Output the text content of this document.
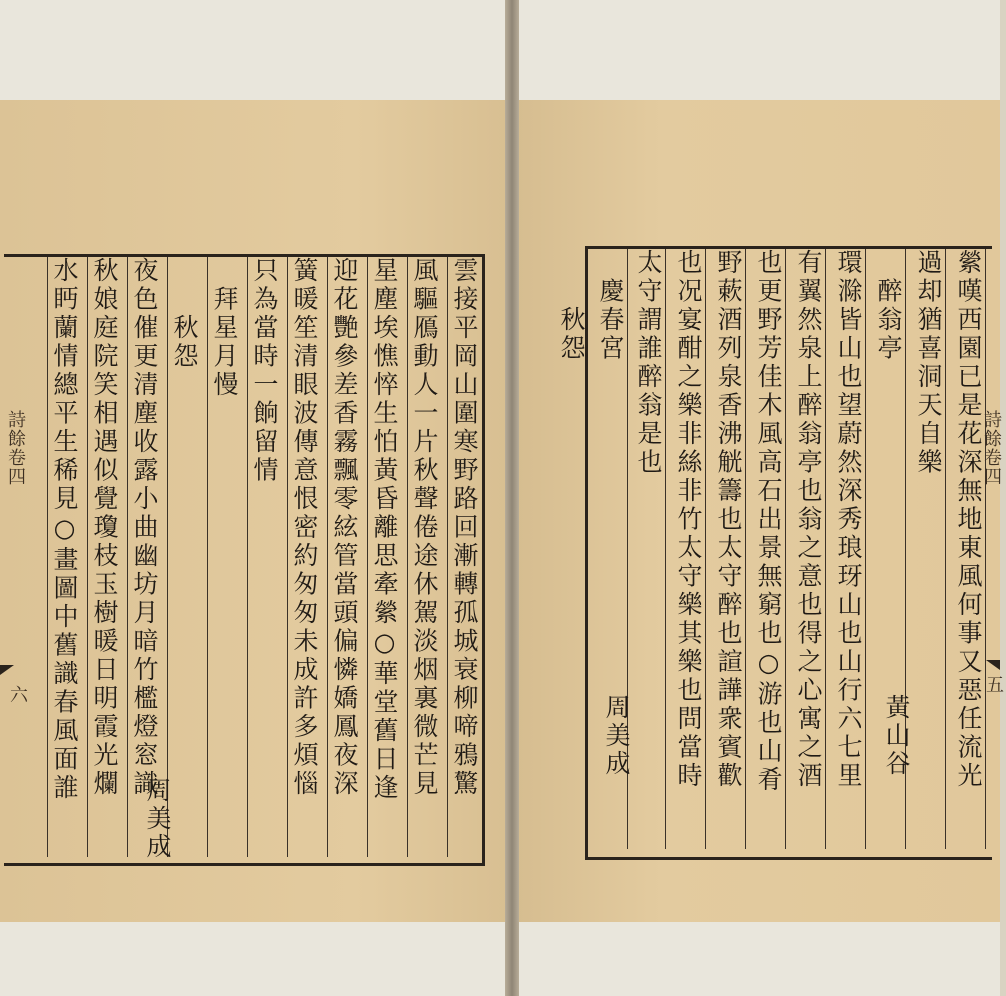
雲接平岡山圍寒野路回漸轉孤城衰柳啼鴉驚
風驅鴈動人一片秋聲倦途休駕淡烟裏微芒見
星塵埃憔悴生怕黃昏離思牽縈○華堂舊日逢
迎花艷參差香霧飄零絃管當頭偏憐嬌鳳夜深
簧暖笙清眼波傳意恨密約匆匆未成許多煩惱
只為當時一餉留情
　拜星月慢
　　秋怨
夜色催更清塵收露小曲幽坊月暗竹檻燈窓識
秋娘庭院笑相遇似覺瓊枝玉樹暖日明霞光爛
水眄蘭情總平生稀見○畫圖中舊識春風面誰
周美成
詩餘卷四
六	縈嘆西園已是花深無地東風何事又惡任流光
過却猶喜洞天自樂
　醉翁亭
環滁皆山也望蔚然深秀琅玡山也山行六七里
有翼然泉上醉翁亭也翁之意也得之心寓之酒
也更野芳佳木風高石出景無窮也○游也山肴
野蔌酒列泉香沸觥籌也太守醉也諠譁衆賓歡
也况宴酣之樂非絲非竹太守樂其樂也問當時
太守謂誰醉翁是也
　慶春宮
　　秋怨
黃山谷
周美成
詩餘卷四
五
